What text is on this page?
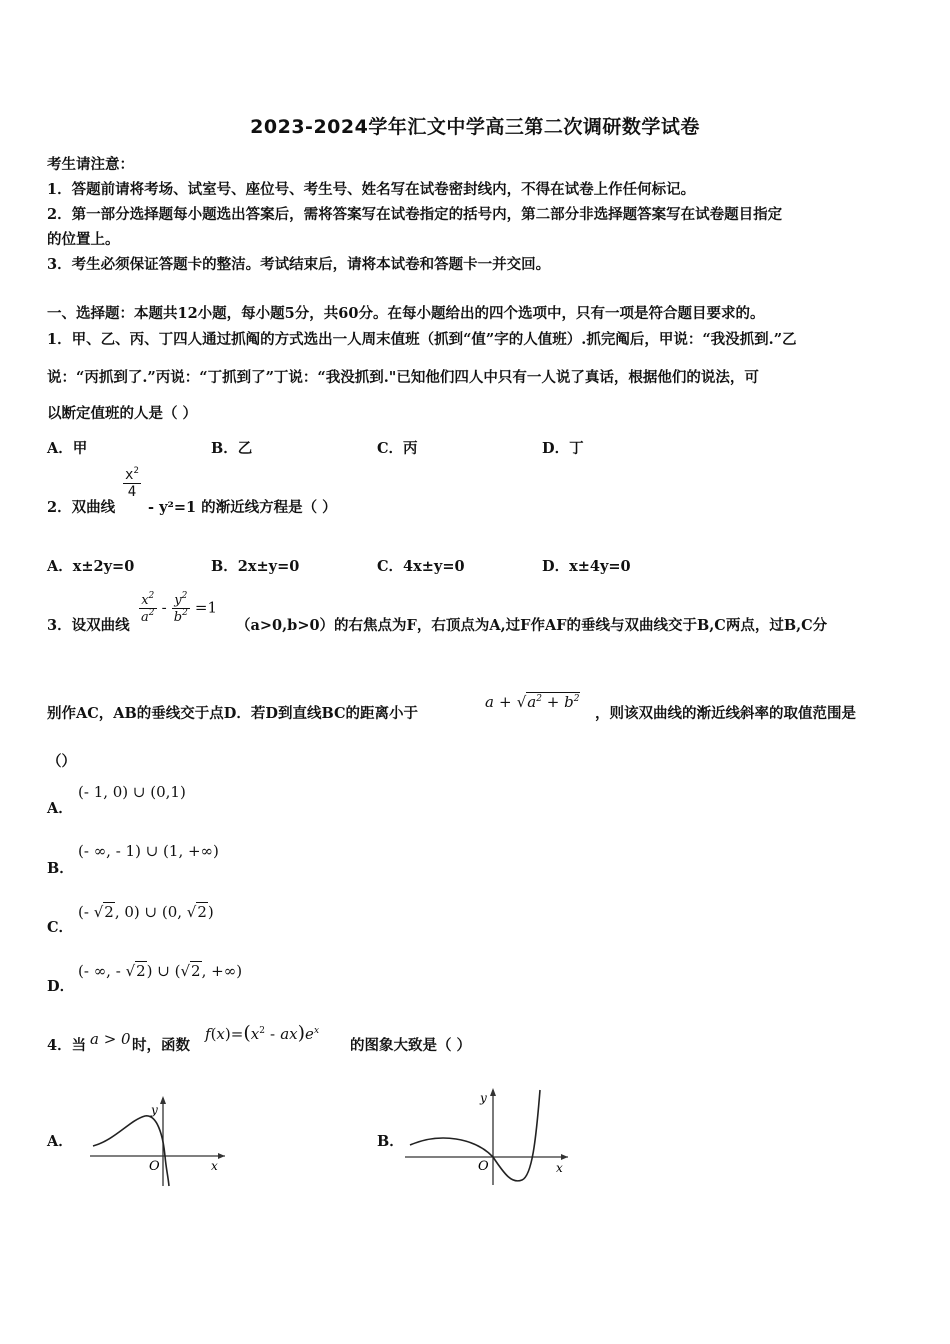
2023-2024学年汇文中学高三第二次调研数学试卷
考生请注意：
1．答题前请将考场、试室号、座位号、考生号、姓名写在试卷密封线内，不得在试卷上作任何标记。
2．第一部分选择题每小题选出答案后，需将答案写在试卷指定的括号内，第二部分非选择题答案写在试卷题目指定
的位置上。
3．考生必须保证答题卡的整洁。考试结束后，请将本试卷和答题卡一并交回。
一、选择题：本题共12小题，每小题5分，共60分。在每小题给出的四个选项中，只有一项是符合题目要求的。
1．甲、乙、丙、丁四人通过抓阄的方式选出一人周末值班（抓到“值”字的人值班）.抓完阄后，甲说：“我没抓到.”乙
说：“丙抓到了.”丙说：“丁抓到了”丁说：“我没抓到."已知他们四人中只有一人说了真话，根据他们的说法，可
以断定值班的人是（ ）
A．甲	B．乙	C．丙	D．丁
2．双曲线
$x^2$
4
- y²=1 的渐近线方程是（ ）
A．x±2y=0	B．2x±y=0	C．4x±y=0	D．x±4y=0
3．设双曲线
$\frac{x^2}{a^2} - \frac{y^2}{b^2} =1$
（a>0,b>0）的右焦点为F，右顶点为A,过F作AF的垂线与双曲线交于B,C两点，过B,C分
别作AC，AB的垂线交于点D．若D到直线BC的距离小于
$a + √a^2 + b^2$
，则该双曲线的渐近线斜率的取值范围是
（）
A．
(- 1, 0) ∪ (0,1)
B．
(- ∞, - 1) ∪ (1, +∞)
C．
(- √2, 0) ∪ (0, √2)
D．
(- ∞, - √2) ∪ (√2, +∞)
4．当 a > 0 时，函数
$f(x)=(x^2 - ax)e^x$
的图象大致是（ ）
A．
y
x
O
B．
y
x
O
